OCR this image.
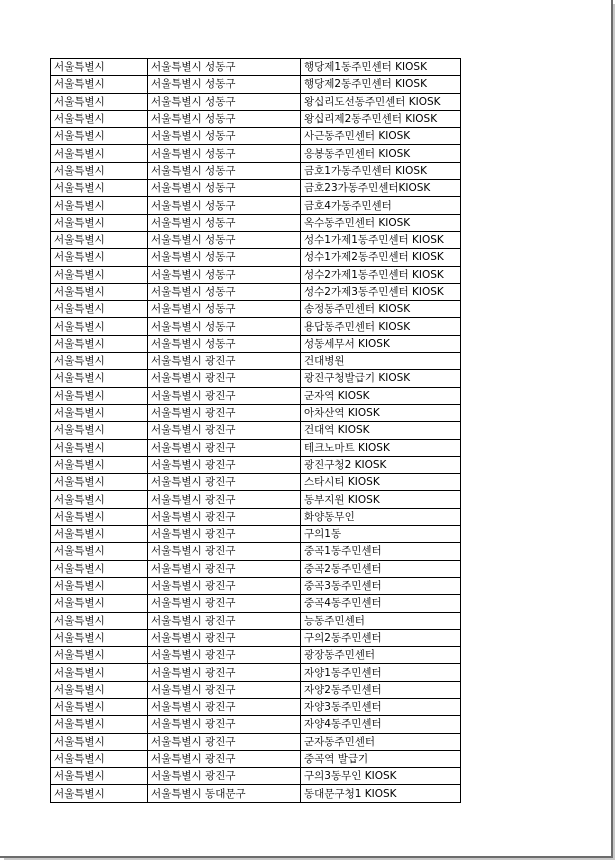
서울특별시	서울특별시 성동구	행당제1동주민센터 KIOSK
서울특별시	서울특별시 성동구	행당제2동주민센터 KIOSK
서울특별시	서울특별시 성동구	왕십리도선동주민센터 KIOSK
서울특별시	서울특별시 성동구	왕십리제2동주민센터 KIOSK
서울특별시	서울특별시 성동구	사근동주민센터 KIOSK
서울특별시	서울특별시 성동구	응봉동주민센터 KIOSK
서울특별시	서울특별시 성동구	금호1가동주민센터 KIOSK
서울특별시	서울특별시 성동구	금호23가동주민센터KIOSK
서울특별시	서울특별시 성동구	금호4가동주민센터
서울특별시	서울특별시 성동구	옥수동주민센터 KIOSK
서울특별시	서울특별시 성동구	성수1가제1동주민센터 KIOSK
서울특별시	서울특별시 성동구	성수1가제2동주민센터 KIOSK
서울특별시	서울특별시 성동구	성수2가제1동주민센터 KIOSK
서울특별시	서울특별시 성동구	성수2가제3동주민센터 KIOSK
서울특별시	서울특별시 성동구	송정동주민센터 KIOSK
서울특별시	서울특별시 성동구	용답동주민센터 KIOSK
서울특별시	서울특별시 성동구	성동세무서 KIOSK
서울특별시	서울특별시 광진구	건대병원
서울특별시	서울특별시 광진구	광진구청발급기 KIOSK
서울특별시	서울특별시 광진구	군자역 KIOSK
서울특별시	서울특별시 광진구	아차산역 KIOSK
서울특별시	서울특별시 광진구	건대역 KIOSK
서울특별시	서울특별시 광진구	테크노마트 KIOSK
서울특별시	서울특별시 광진구	광진구청2 KIOSK
서울특별시	서울특별시 광진구	스타시티 KIOSK
서울특별시	서울특별시 광진구	동부지원 KIOSK
서울특별시	서울특별시 광진구	화양동무인
서울특별시	서울특별시 광진구	구의1동
서울특별시	서울특별시 광진구	중곡1동주민센터
서울특별시	서울특별시 광진구	중곡2동주민센터
서울특별시	서울특별시 광진구	중곡3동주민센터
서울특별시	서울특별시 광진구	중곡4동주민센터
서울특별시	서울특별시 광진구	능동주민센터
서울특별시	서울특별시 광진구	구의2동주민센터
서울특별시	서울특별시 광진구	광장동주민센터
서울특별시	서울특별시 광진구	자양1동주민센터
서울특별시	서울특별시 광진구	자양2동주민센터
서울특별시	서울특별시 광진구	자양3동주민센터
서울특별시	서울특별시 광진구	자양4동주민센터
서울특별시	서울특별시 광진구	군자동주민센터
서울특별시	서울특별시 광진구	중곡역 발급기
서울특별시	서울특별시 광진구	구의3동무인 KIOSK
서울특별시	서울특별시 동대문구	동대문구청1 KIOSK
